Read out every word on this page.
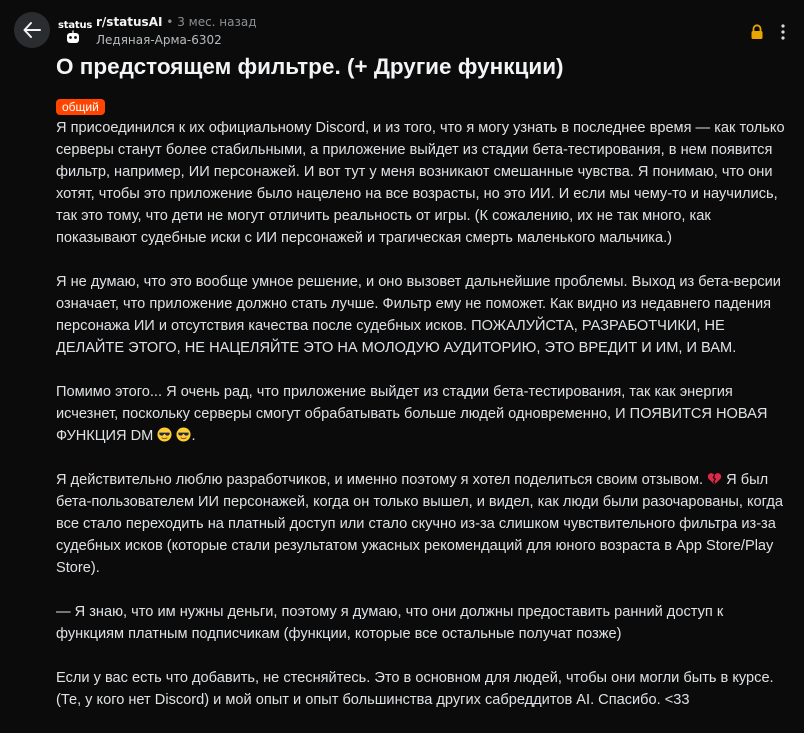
status r/statusAI • 3 мес. назад
Ледяная-Арма-6302
О предстоящем фильтре. (+ Другие функции)
общий

Я присоединился к их официальному Discord, и из того, что я могу узнать в последнее время — как только серверы станут более стабильными, а приложение выйдет из стадии бета-тестирования, в нем появится фильтр, например, ИИ персонажей. И вот тут у меня возникают смешанные чувства. Я понимаю, что они хотят, чтобы это приложение было нацелено на все возрасты, но это ИИ. И если мы чему-то и научились, так это тому, что дети не могут отличить реальность от игры. (К сожалению, их не так много, как показывают судебные иски с ИИ персонажей и трагическая смерть маленького мальчика.)

Я не думаю, что это вообще умное решение, и оно вызовет дальнейшие проблемы. Выход из бета-версии означает, что приложение должно стать лучше. Фильтр ему не поможет. Как видно из недавнего падения персонажа ИИ и отсутствия качества после судебных исков. ПОЖАЛУЙСТА, РАЗРАБОТЧИКИ, НЕ ДЕЛАЙТЕ ЭТОГО, НЕ НАЦЕЛЯЙТЕ ЭТО НА МОЛОДУЮ АУДИТОРИЮ, ЭТО ВРЕДИТ И ИМ, И ВАМ.

Помимо этого... Я очень рад, что приложение выйдет из стадии бета-тестирования, так как энергия исчезнет, поскольку серверы смогут обрабатывать больше людей одновременно, И ПОЯВИТСЯ НОВАЯ ФУНКЦИЯ DM	.

Я действительно люблю разработчиков, и именно поэтому я хотел поделиться своим отзывом. Я был бета-пользователем ИИ персонажей, когда он только вышел, и видел, как люди были разочарованы, когда все стало переходить на платный доступ или стало скучно из-за слишком чувствительного фильтра из-за судебных исков (которые стали результатом ужасных рекомендаций для юного возраста в App Store/Play Store).

— Я знаю, что им нужны деньги, поэтому я думаю, что они должны предоставить ранний доступ к функциям платным подписчикам (функции, которые все остальные получат позже)

Если у вас есть что добавить, не стесняйтесь. Это в основном для людей, чтобы они могли быть в курсе. (Те, у кого нет Discord) и мой опыт и опыт большинства других сабреддитов AI. Спасибо. <33
